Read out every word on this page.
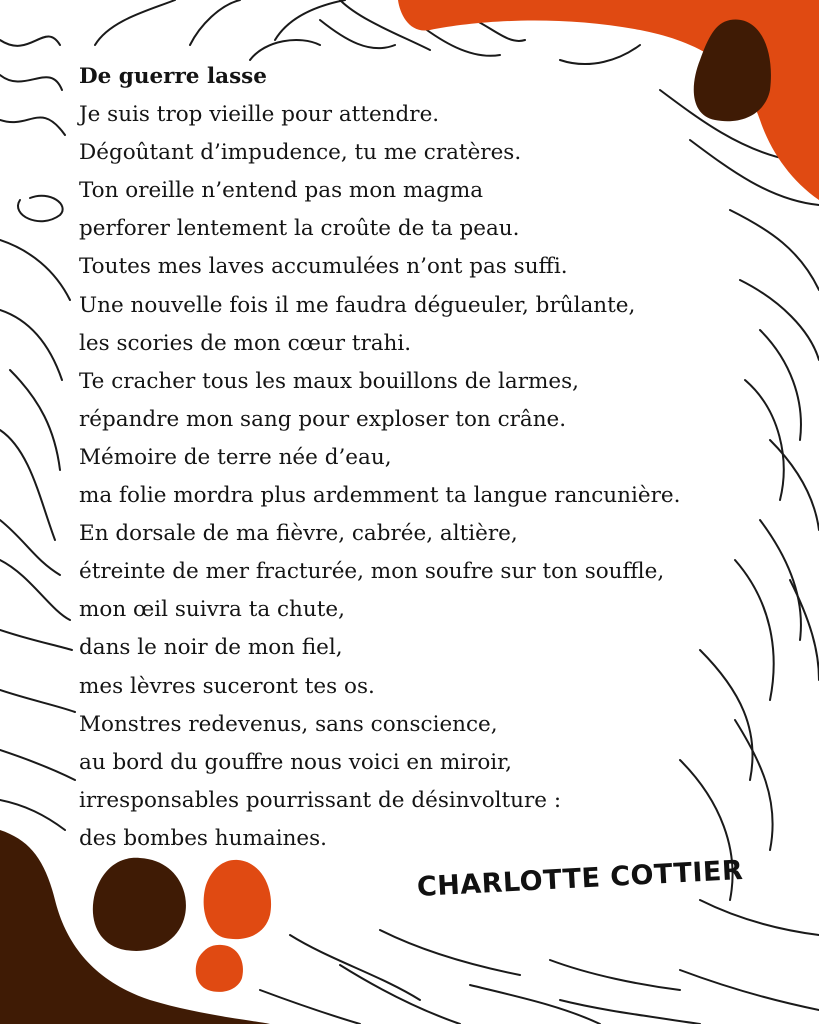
De guerre lasse
Je suis trop vieille pour attendre.
Dégoûtant d’impudence, tu me cratères.
Ton oreille n’entend pas mon magma
perforer lentement la croûte de ta peau.
Toutes mes laves accumulées n’ont pas suffi.
Une nouvelle fois il me faudra dégueuler, brûlante,
les scories de mon cœur trahi.
Te cracher tous les maux bouillons de larmes,
répandre mon sang pour exploser ton crâne.
Mémoire de terre née d’eau,
ma folie mordra plus ardemment ta langue rancunière.
En dorsale de ma fièvre, cabrée, altière,
étreinte de mer fracturée, mon soufre sur ton souffle,
mon œil suivra ta chute,
dans le noir de mon fiel,
mes lèvres suceront tes os.
Monstres redevenus, sans conscience,
au bord du gouffre nous voici en miroir,
irresponsables pourrissant de désinvolture :
des bombes humaines.
CHARLOTTE COTTIER
